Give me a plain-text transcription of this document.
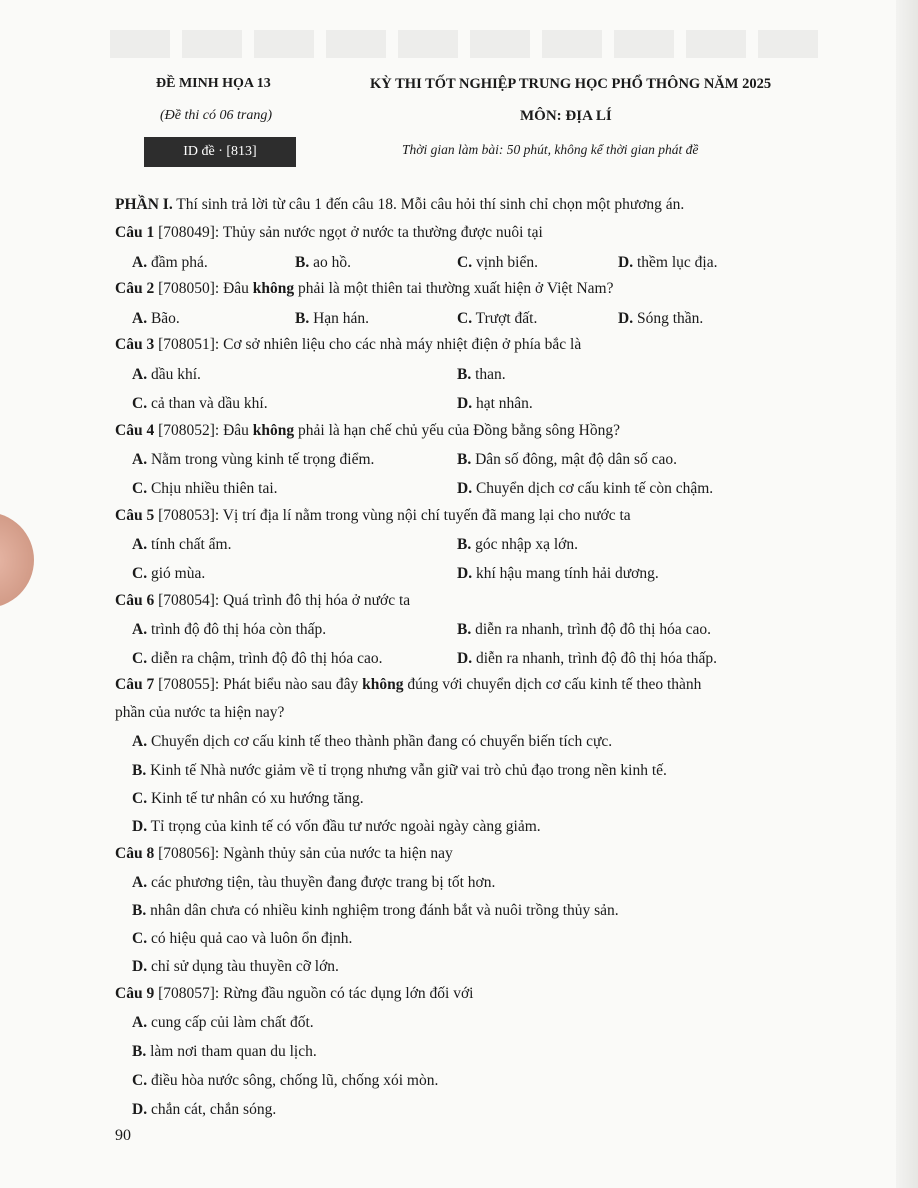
ĐỀ MINH HỌA 13
(Đề thi có 06 trang)
ID đề · [813]
KỲ THI TỐT NGHIỆP TRUNG HỌC PHỔ THÔNG NĂM 2025
MÔN: ĐỊA LÍ
Thời gian làm bài: 50 phút, không kể thời gian phát đề
PHẦN I. Thí sinh trả lời từ câu 1 đến câu 18. Mỗi câu hỏi thí sinh chỉ chọn một phương án.
Câu 1 [708049]: Thủy sản nước ngọt ở nước ta thường được nuôi tại
A. đầm phá.	B. ao hồ.	C. vịnh biển.	D. thềm lục địa.
Câu 2 [708050]: Đâu không phải là một thiên tai thường xuất hiện ở Việt Nam?
A. Bão.	B. Hạn hán.	C. Trượt đất.	D. Sóng thần.
Câu 3 [708051]: Cơ sở nhiên liệu cho các nhà máy nhiệt điện ở phía bắc là
A. dầu khí.	B. than.
C. cả than và dầu khí.	D. hạt nhân.
Câu 4 [708052]: Đâu không phải là hạn chế chủ yếu của Đồng bằng sông Hồng?
A. Nằm trong vùng kinh tế trọng điểm.	B. Dân số đông, mật độ dân số cao.
C. Chịu nhiều thiên tai.	D. Chuyển dịch cơ cấu kinh tế còn chậm.
Câu 5 [708053]: Vị trí địa lí nằm trong vùng nội chí tuyến đã mang lại cho nước ta
A. tính chất ẩm.	B. góc nhập xạ lớn.
C. gió mùa.	D. khí hậu mang tính hải dương.
Câu 6 [708054]: Quá trình đô thị hóa ở nước ta
A. trình độ đô thị hóa còn thấp.	B. diễn ra nhanh, trình độ đô thị hóa cao.
C. diễn ra chậm, trình độ đô thị hóa cao.	D. diễn ra nhanh, trình độ đô thị hóa thấp.
Câu 7 [708055]: Phát biểu nào sau đây không đúng với chuyển dịch cơ cấu kinh tế theo thành
phần của nước ta hiện nay?
A. Chuyển dịch cơ cấu kinh tế theo thành phần đang có chuyển biến tích cực.
B. Kinh tế Nhà nước giảm về tỉ trọng nhưng vẫn giữ vai trò chủ đạo trong nền kinh tế.
C. Kinh tế tư nhân có xu hướng tăng.
D. Tỉ trọng của kinh tế có vốn đầu tư nước ngoài ngày càng giảm.
Câu 8 [708056]: Ngành thủy sản của nước ta hiện nay
A. các phương tiện, tàu thuyền đang được trang bị tốt hơn.
B. nhân dân chưa có nhiều kinh nghiệm trong đánh bắt và nuôi trồng thủy sản.
C. có hiệu quả cao và luôn ổn định.
D. chỉ sử dụng tàu thuyền cỡ lớn.
Câu 9 [708057]: Rừng đầu nguồn có tác dụng lớn đối với
A. cung cấp củi làm chất đốt.
B. làm nơi tham quan du lịch.
C. điều hòa nước sông, chống lũ, chống xói mòn.
D. chắn cát, chắn sóng.
90
